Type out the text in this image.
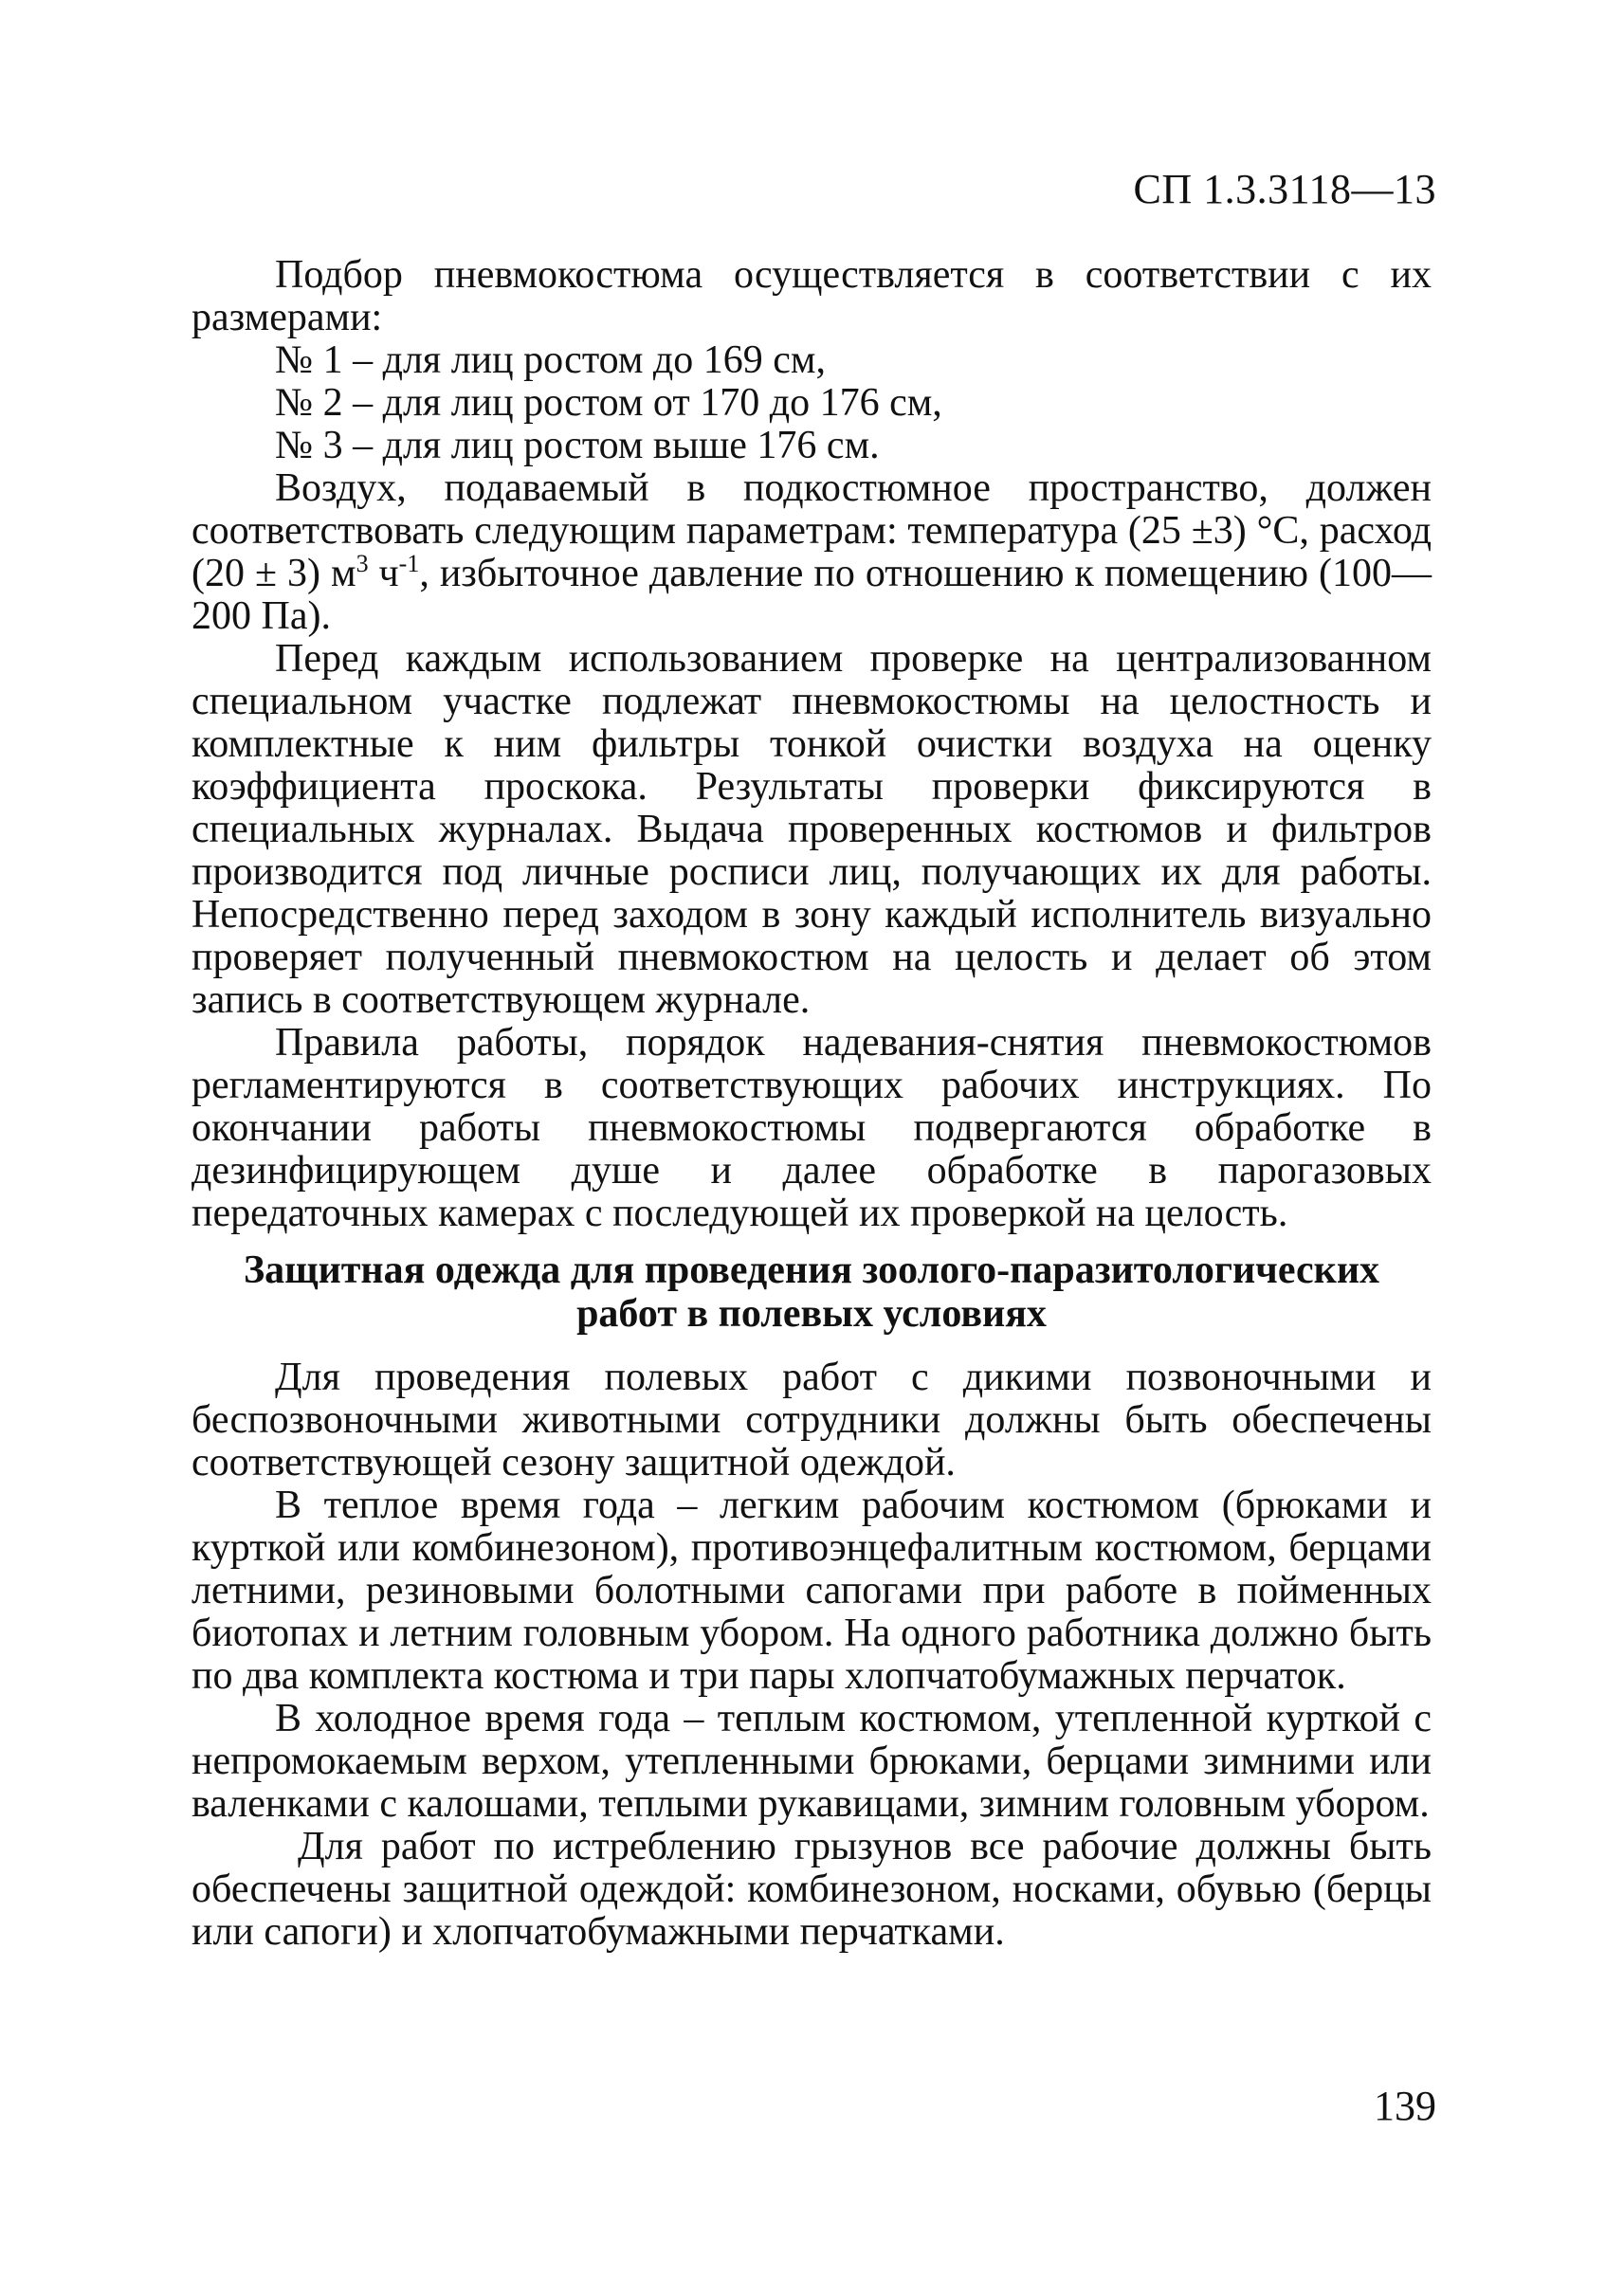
СП 1.3.3118—13

Подбор пневмокостюма осуществляется в соответствии с их размерами:

№ 1 – для лиц ростом до 169 см,

№ 2 – для лиц ростом от 170 до 176 см,

№ 3 – для лиц ростом выше 176 см.

Воздух, подаваемый в подкостюмное пространство, должен соответствовать следующим параметрам: температура (25 ±3) °С, расход (20 ± 3) $м^3$ $ч^{-1}$, избыточное давление по отношению к помещению (100—200 Па).

Перед каждым использованием проверке на централизованном специальном участке подлежат пневмокостюмы на целостность и комплектные к ним фильтры тонкой очистки воздуха на оценку коэффициента проскока. Результаты проверки фиксируются в специальных журналах. Выдача проверенных костюмов и фильтров производится под личные росписи лиц, получающих их для работы. Непосредственно перед заходом в зону каждый исполнитель визуально проверяет полученный пневмокостюм на целость и делает об этом запись в соответствующем журнале.

Правила работы, порядок надевания-снятия пневмокостюмов регламентируются в соответствующих рабочих инструкциях. По окончании работы пневмокостюмы подвергаются обработке в дезинфицирующем душе и далее обработке в парогазовых передаточных камерах с последующей их проверкой на целость.

Защитная одежда для проведения зоолого-паразитологических
работ в полевых условиях

Для проведения полевых работ с дикими позвоночными и беспозвоночными животными сотрудники должны быть обеспечены соответствующей сезону защитной одеждой.

В теплое время года – легким рабочим костюмом (брюками и курткой или комбинезоном), противоэнцефалитным костюмом, берцами летними, резиновыми болотными сапогами при работе в пойменных биотопах и летним головным убором. На одного работника должно быть по два комплекта костюма и три пары хлопчатобумажных перчаток.

В холодное время года – теплым костюмом, утепленной курткой с непромокаемым верхом, утепленными брюками, берцами зимними или валенками с калошами, теплыми рукавицами, зимним головным убором.

Для работ по истреблению грызунов все рабочие должны быть обеспечены защитной одеждой: комбинезоном, носками, обувью (берцы или сапоги) и хлопчатобумажными перчатками.

139
